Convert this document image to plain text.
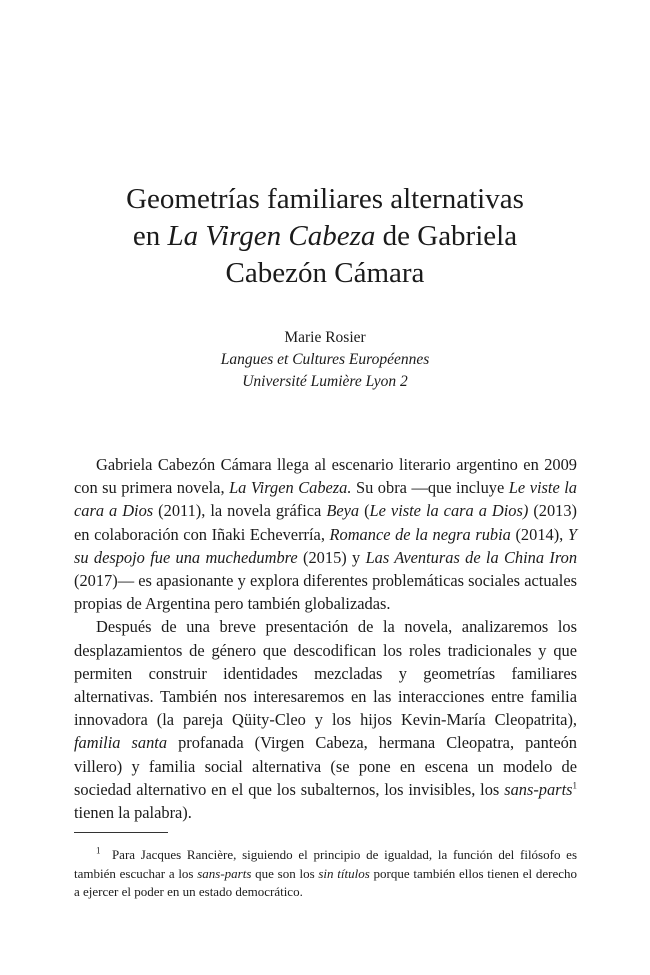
Geometrías familiares alternativas
en La Virgen Cabeza de Gabriela
Cabezón Cámara
Marie Rosier
Langues et Cultures Européennes
Université Lumière Lyon 2

Gabriela Cabezón Cámara llega al escenario literario argentino en 2009 con su primera novela, La Virgen Cabeza. Su obra —que incluye Le viste la cara a Dios (2011), la novela gráfica Beya (Le viste la cara a Dios) (2013) en colaboración con Iñaki Echeverría, Romance de la negra rubia (2014), Y su despojo fue una muchedumbre (2015) y Las Aventuras de la China Iron (2017)— es apasionante y explora diferentes problemáticas sociales actuales propias de Argentina pero también globalizadas.

Después de una breve presentación de la novela, analizaremos los desplazamientos de género que descodifican los roles tradicionales y que permiten construir identidades mezcladas y geometrías familiares alternativas. También nos interesaremos en las interacciones entre familia innovadora (la pareja Qüity-Cleo y los hijos Kevin-María Cleopatrita), familia santa profanada (Virgen Cabeza, hermana Cleopatra, panteón villero) y familia social alternativa (se pone en escena un modelo de sociedad alternativo en el que los subalternos, los invisibles, los sans-parts$^1$ tienen la palabra).

$^1$ Para Jacques Rancière, siguiendo el principio de igualdad, la función del filósofo es también escuchar a los sans-parts que son los sin títulos porque también ellos tienen el derecho a ejercer el poder en un estado democrático.
